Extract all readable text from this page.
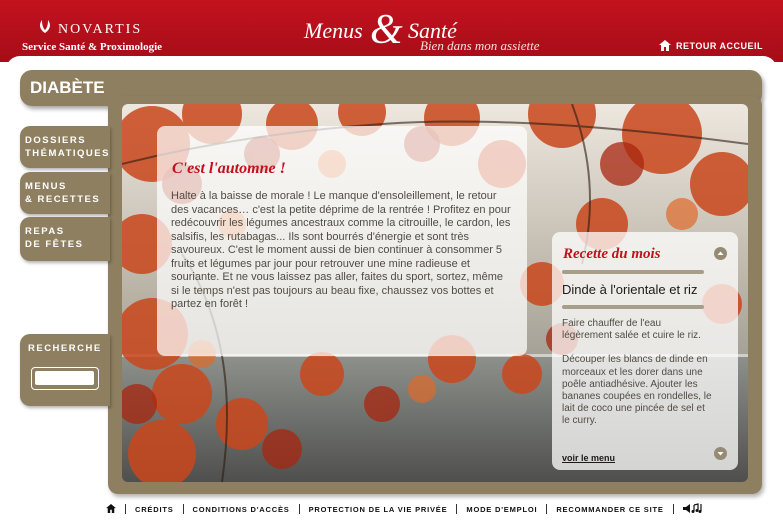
NOVARTIS
Service Santé & Proximologie
Menus & Santé
Bien dans mon assiette	RETOUR ACCUEIL
DIABÈTE
DOSSIERS
THÉMATIQUES
MENUS
& RECETTES
REPAS
DE FÊTES
RECHERCHE
C'est l'automne !
Halte à la baisse de morale ! Le manque d'ensoleillement, le retour des vacances… c'est la petite déprime de la rentrée ! Profitez en pour redécouvrir les légumes ancestraux comme la citrouille, le cardon, les salsifis, les rutabagas... Ils sont bourrés d'énergie et sont très savoureux. C'est le moment aussi de bien continuer à consommer 5 fruits et légumes par jour pour retrouver une mine radieuse et souriante. Et ne vous laissez pas aller, faites du sport, sortez, même si le temps n'est pas toujours au beau fixe, chaussez vos bottes et partez en forêt !
Recette du mois
Dinde à l'orientale et riz

Faire chauffer de l'eau légèrement salée et cuire le riz.

Découper les blancs de dinde en morceaux et les dorer dans une poêle antiadhésive. Ajouter les bananes coupées en rondelles, le lait de coco une pincée de sel et le curry.

voir le menu
CRÉDITS	CONDITIONS D'ACCÈS	PROTECTION DE LA VIE PRIVÉE	MODE D'EMPLOI	RECOMMANDER CE SITE
